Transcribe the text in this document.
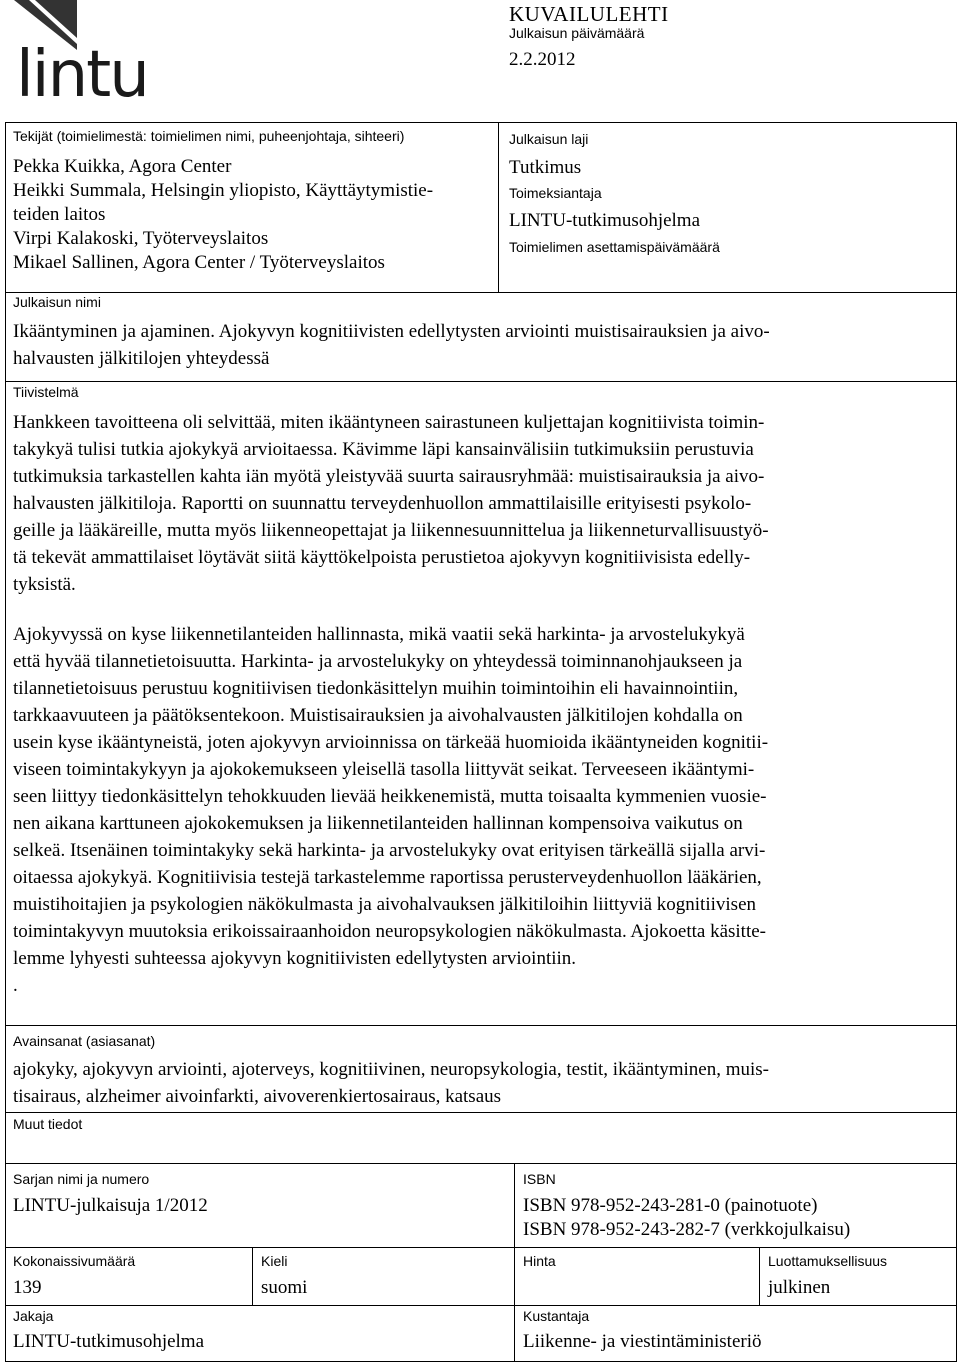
lintu
KUVAILULEHTI
Julkaisun päivämäärä
2.2.2012
Tekijät (toimielimestä: toimielimen nimi, puheenjohtaja, sihteeri)
Pekka Kuikka, Agora Center
Heikki Summala, Helsingin yliopisto, Käyttäytymistie-
teiden laitos
Virpi Kalakoski, Työterveyslaitos
Mikael Sallinen, Agora Center / Työterveyslaitos
Julkaisun laji
Tutkimus
Toimeksiantaja
LINTU-tutkimusohjelma
Toimielimen asettamispäivämäärä
Julkaisun nimi
Ikääntyminen ja ajaminen. Ajokyvyn kognitiivisten edellytysten arviointi muistisairauksien ja aivo-
halvausten jälkitilojen yhteydessä
Tiivistelmä
Hankkeen tavoitteena oli selvittää, miten ikääntyneen sairastuneen kuljettajan kognitiivista toimin-
takykyä tulisi tutkia ajokykyä arvioitaessa. Kävimme läpi kansainvälisiin tutkimuksiin perustuvia
tutkimuksia tarkastellen kahta iän myötä yleistyvää suurta sairausryhmää: muistisairauksia ja aivo-
halvausten jälkitiloja. Raportti on suunnattu terveydenhuollon ammattilaisille erityisesti psykolo-
geille ja lääkäreille, mutta myös liikenneopettajat ja liikennesuunnittelua ja liikenneturvallisuustyö-
tä tekevät ammattilaiset löytävät siitä käyttökelpoista perustietoa ajokyvyn kognitiivisista edelly-
tyksistä.
Ajokyvyssä on kyse liikennetilanteiden hallinnasta, mikä vaatii sekä harkinta- ja arvostelukykyä
että hyvää tilannetietoisuutta. Harkinta- ja arvostelukyky on yhteydessä toiminnanohjaukseen ja
tilannetietoisuus perustuu kognitiivisen tiedonkäsittelyn muihin toimintoihin eli havainnointiin,
tarkkaavuuteen ja päätöksentekoon. Muistisairauksien ja aivohalvausten jälkitilojen kohdalla on
usein kyse ikääntyneistä, joten ajokyvyn arvioinnissa on tärkeää huomioida ikääntyneiden kognitii-
viseen toimintakykyyn ja ajokokemukseen yleisellä tasolla liittyvät seikat. Terveeseen ikääntymi-
seen liittyy tiedonkäsittelyn tehokkuuden lievää heikkenemistä, mutta toisaalta kymmenien vuosie-
nen aikana karttuneen ajokokemuksen ja liikennetilanteiden hallinnan kompensoiva vaikutus on
selkeä. Itsenäinen toimintakyky sekä harkinta- ja arvostelukyky ovat erityisen tärkeällä sijalla arvi-
oitaessa ajokykyä. Kognitiivisia testejä tarkastelemme raportissa perusterveydenhuollon lääkärien,
muistihoitajien ja psykologien näkökulmasta ja aivohalvauksen jälkitiloihin liittyviä kognitiivisen
toimintakyvyn muutoksia erikoissairaanhoidon neuropsykologien näkökulmasta. Ajokoetta käsitte-
lemme lyhyesti suhteessa ajokyvyn kognitiivisten edellytysten arviointiin.
.
Avainsanat (asiasanat)
ajokyky, ajokyvyn arviointi, ajoterveys, kognitiivinen, neuropsykologia, testit, ikääntyminen, muis-
tisairaus, alzheimer aivoinfarkti, aivoverenkiertosairaus, katsaus
Muut tiedot
Sarjan nimi ja numero
LINTU-julkaisuja 1/2012
ISBN
ISBN 978-952-243-281-0 (painotuote)
ISBN 978-952-243-282-7 (verkkojulkaisu)
Kokonaissivumäärä
139
Kieli
suomi
Hinta	Luottamuksellisuus
julkinen
Jakaja
LINTU-tutkimusohjelma
Kustantaja
Liikenne- ja viestintäministeriö
